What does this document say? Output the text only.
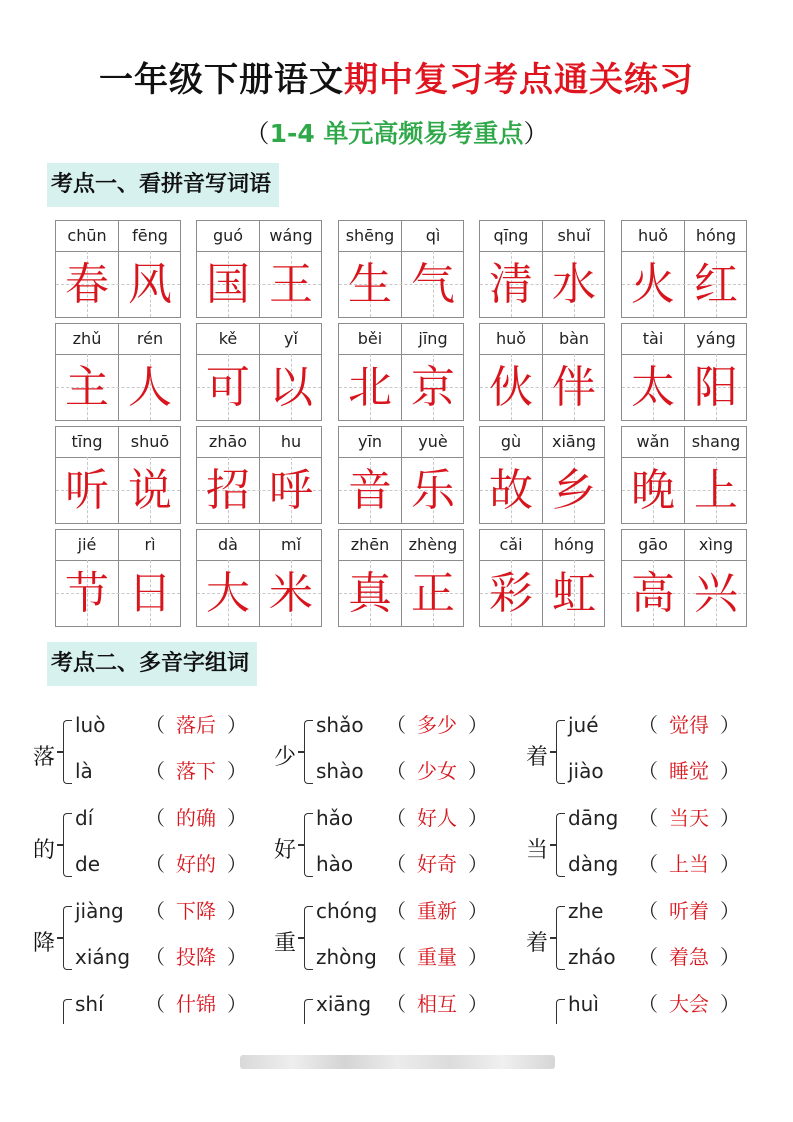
一年级下册语文期中复习考点通关练习
（1-4 单元高频易考重点）
考点一、看拼音写词语
chūn	fēng
春 风
guó	wáng
国 王
shēng	qì
生 气
qīng	shuǐ
清 水
huǒ	hóng
火 红
zhǔ	rén
主 人
kě	yǐ
可 以
běi	jīng
北 京
huǒ	bàn
伙 伴
tài	yáng
太 阳
tīng	shuō
听 说
zhāo	hu
招 呼
yīn	yuè
音 乐
gù	xiāng
故 乡
wǎn	shang
晚 上
jié	rì
节 日
dà	mǐ
大 米
zhēn	zhèng
真 正
cǎi	hóng
彩 虹
gāo	xìng
高 兴
考点二、多音字组词
落
luò （ 落后 ）
là	（ 落下 ）
少
shǎo （ 多少 ）
shào （ 少女 ）
着
jué （ 觉得 ）
jiào （ 睡觉 ）
的
dí	（ 的确 ）
de （ 好的 ）
好
hǎo （ 好人 ）
hào （ 好奇 ）
当
dāng （ 当天 ）
dàng （ 上当 ）
降
jiàng （ 下降 ）
xiáng （ 投降 ）
重
chóng （ 重新 ）
zhòng （ 重量 ）
着
zhe （ 听着 ）
zháo （ 着急 ）
shí （ 什锦 ）	xiāng （ 相互 ）	huì （ 大会 ）
